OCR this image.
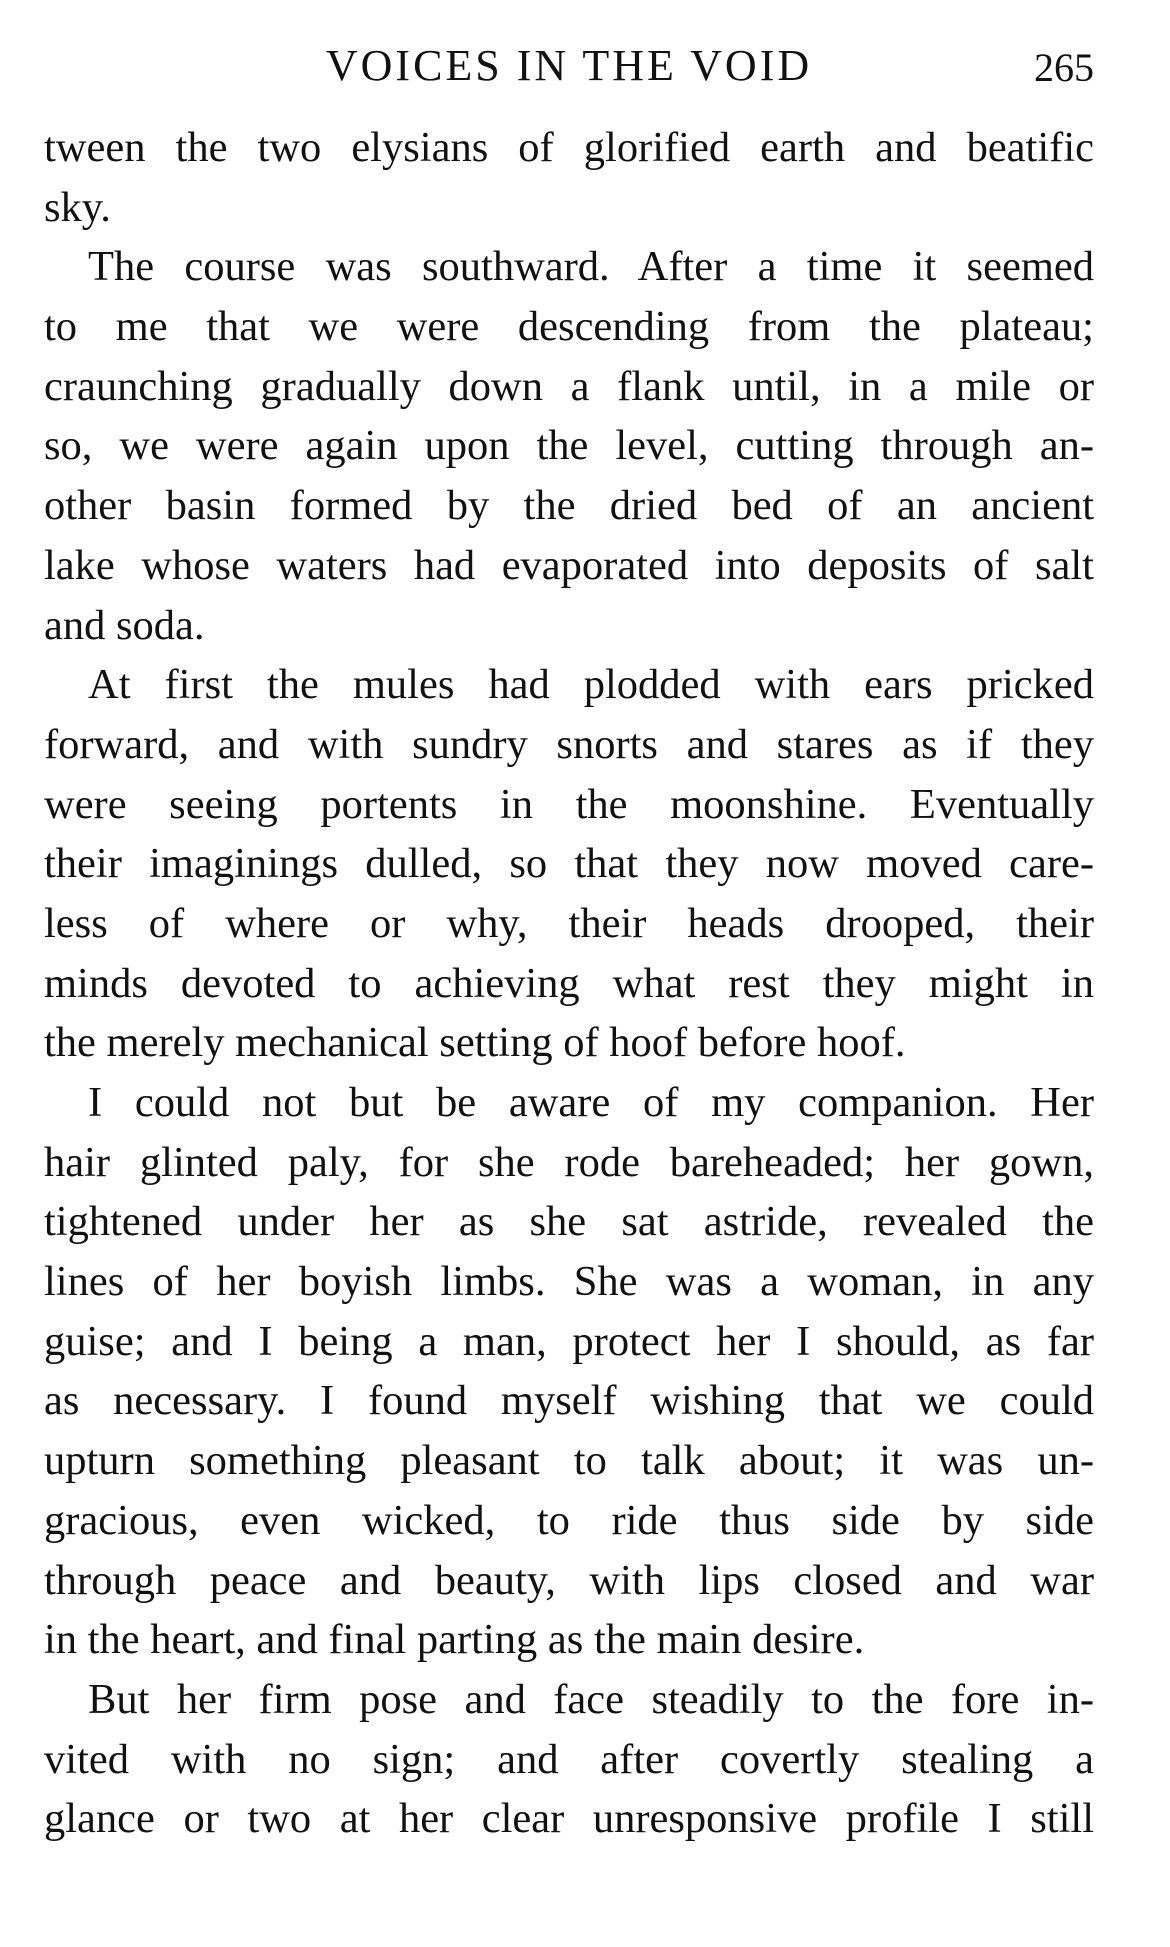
VOICES IN THE VOID	265
tween the two elysians of glorified earth and beatific
sky.
The course was southward. After a time it seemed
to me that we were descending from the plateau;
craunching gradually down a flank until, in a mile or
so, we were again upon the level, cutting through an-
other basin formed by the dried bed of an ancient
lake whose waters had evaporated into deposits of salt
and soda.
At first the mules had plodded with ears pricked
forward, and with sundry snorts and stares as if they
were seeing portents in the moonshine. Eventually
their imaginings dulled, so that they now moved care-
less of where or why, their heads drooped, their
minds devoted to achieving what rest they might in
the merely mechanical setting of hoof before hoof.
I could not but be aware of my companion. Her
hair glinted paly, for she rode bareheaded; her gown,
tightened under her as she sat astride, revealed the
lines of her boyish limbs. She was a woman, in any
guise; and I being a man, protect her I should, as far
as necessary. I found myself wishing that we could
upturn something pleasant to talk about; it was un-
gracious, even wicked, to ride thus side by side
through peace and beauty, with lips closed and war
in the heart, and final parting as the main desire.
But her firm pose and face steadily to the fore in-
vited with no sign; and after covertly stealing a
glance or two at her clear unresponsive profile I still
